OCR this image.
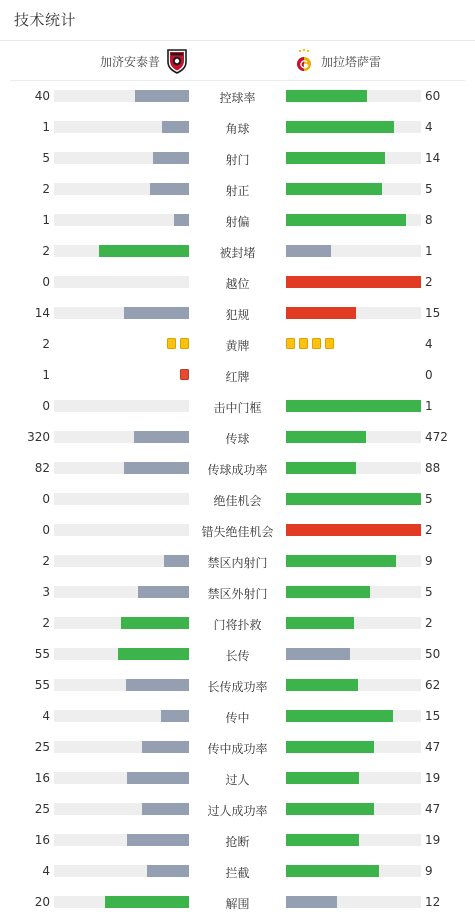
技术统计
加济安泰普	加拉塔萨雷
40	控球率	60
1	角球	4
5	射门	14
2	射正	5
1	射偏	8
2	被封堵	1
0	越位	2
14	犯规	15
2	黄牌	4
1	红牌	0
0	击中门框	1
320	传球	472
82	传球成功率	88
0	绝佳机会	5
0	错失绝佳机会	2
2	禁区内射门	9
3	禁区外射门	5
2	门将扑救	2
55	长传	50
55	长传成功率	62
4	传中	15
25	传中成功率	47
16	过人	19
25	过人成功率	47
16	抢断	19
4	拦截	9
20	解围	12
